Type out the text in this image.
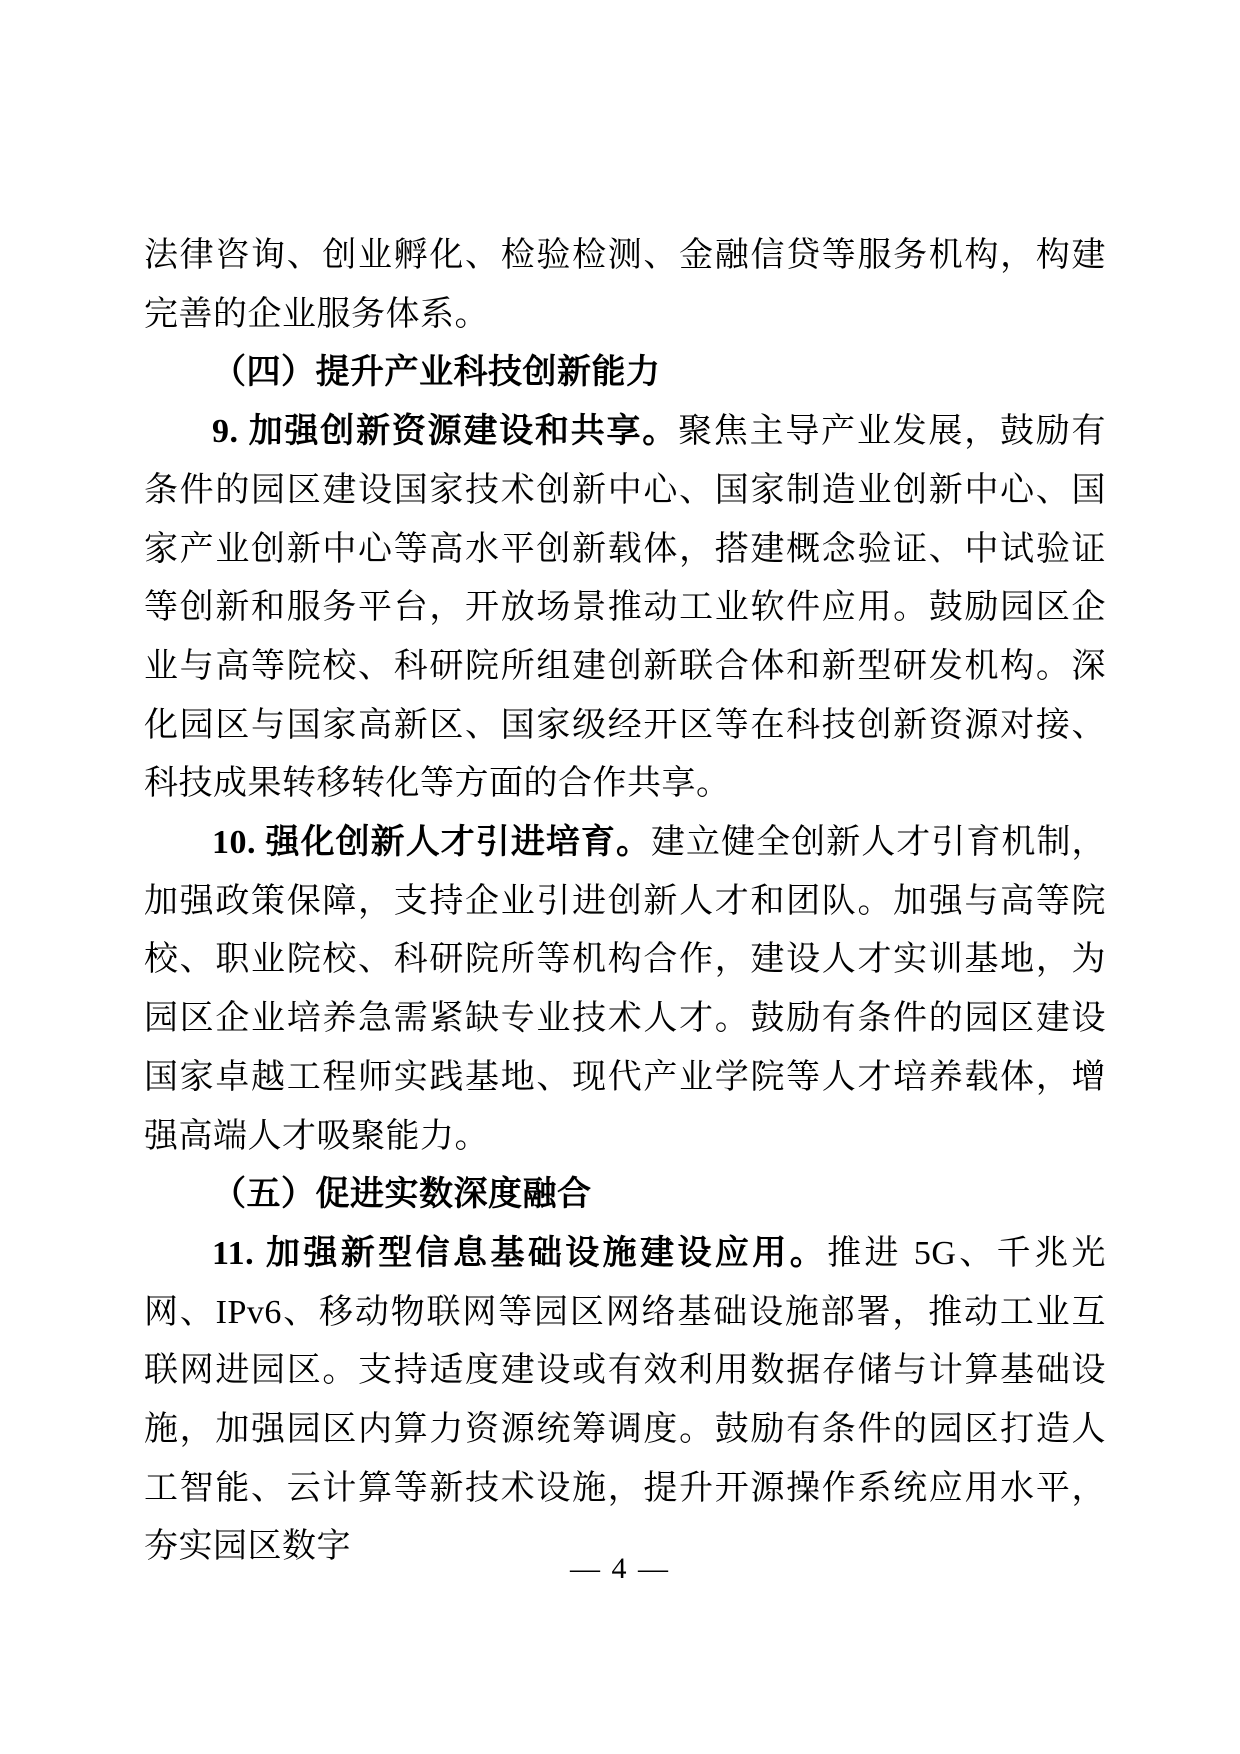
法律咨询、创业孵化、检验检测、金融信贷等服务机构，构建完善的企业服务体系。

（四）提升产业科技创新能力

9. 加强创新资源建设和共享。聚焦主导产业发展，鼓励有条件的园区建设国家技术创新中心、国家制造业创新中心、国家产业创新中心等高水平创新载体，搭建概念验证、中试验证等创新和服务平台，开放场景推动工业软件应用。鼓励园区企业与高等院校、科研院所组建创新联合体和新型研发机构。深化园区与国家高新区、国家级经开区等在科技创新资源对接、科技成果转移转化等方面的合作共享。

10. 强化创新人才引进培育。建立健全创新人才引育机制，加强政策保障，支持企业引进创新人才和团队。加强与高等院校、职业院校、科研院所等机构合作，建设人才实训基地，为园区企业培养急需紧缺专业技术人才。鼓励有条件的园区建设国家卓越工程师实践基地、现代产业学院等人才培养载体，增强高端人才吸聚能力。

（五）促进实数深度融合

11. 加强新型信息基础设施建设应用。推进 5G、千兆光网、IPv6、移动物联网等园区网络基础设施部署，推动工业互联网进园区。支持适度建设或有效利用数据存储与计算基础设施，加强园区内算力资源统筹调度。鼓励有条件的园区打造人工智能、云计算等新技术设施，提升开源操作系统应用水平，夯实园区数字

— 4 —
